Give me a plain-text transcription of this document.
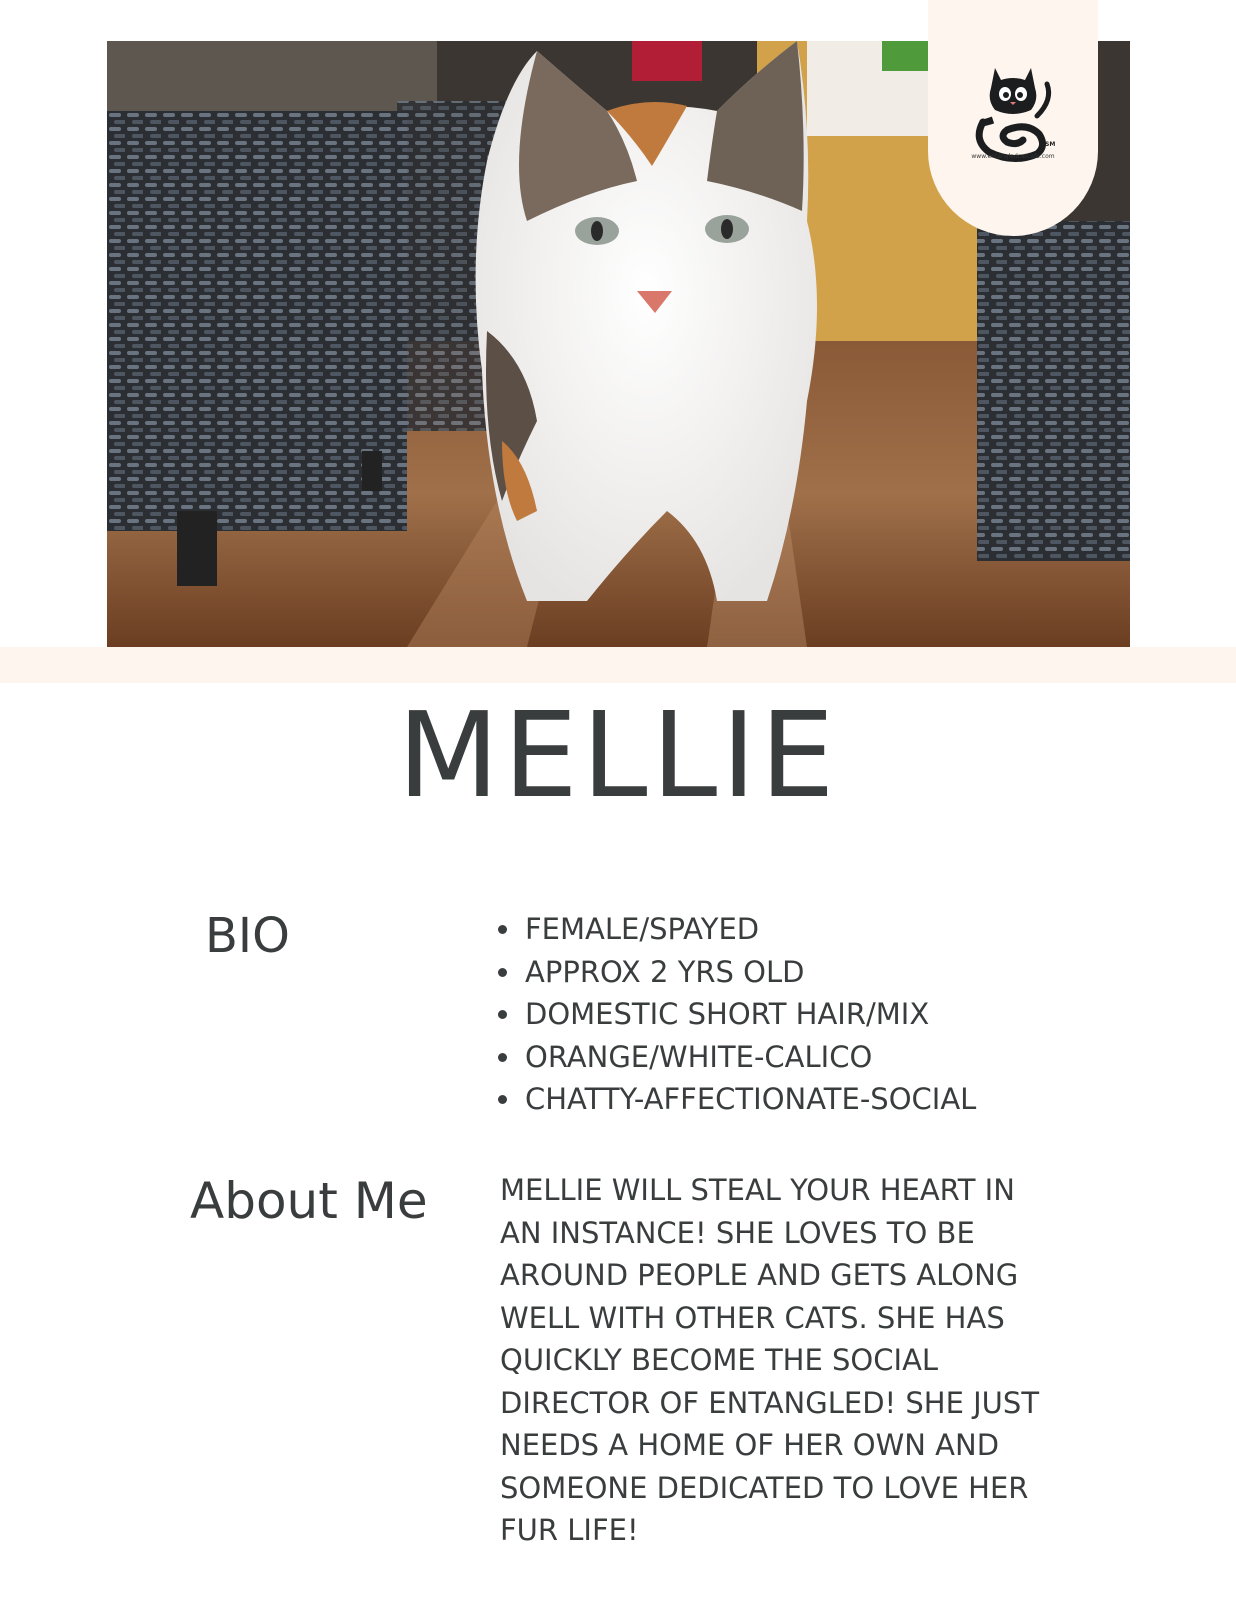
SM
www.entangledcatcafe.com
MELLIE
BIO
•	FEMALE/SPAYED
• APPROX 2 YRS OLD
• DOMESTIC SHORT HAIR/MIX
• ORANGE/WHITE-CALICO
• CHATTY-AFFECTIONATE-SOCIAL
About Me MELLIE WILL STEAL YOUR HEART IN AN INSTANCE! SHE LOVES TO BE AROUND PEOPLE AND GETS ALONG WELL WITH OTHER CATS. SHE HAS QUICKLY BECOME THE SOCIAL DIRECTOR OF ENTANGLED! SHE JUST NEEDS A HOME OF HER OWN AND SOMEONE DEDICATED TO LOVE HER FUR LIFE!
